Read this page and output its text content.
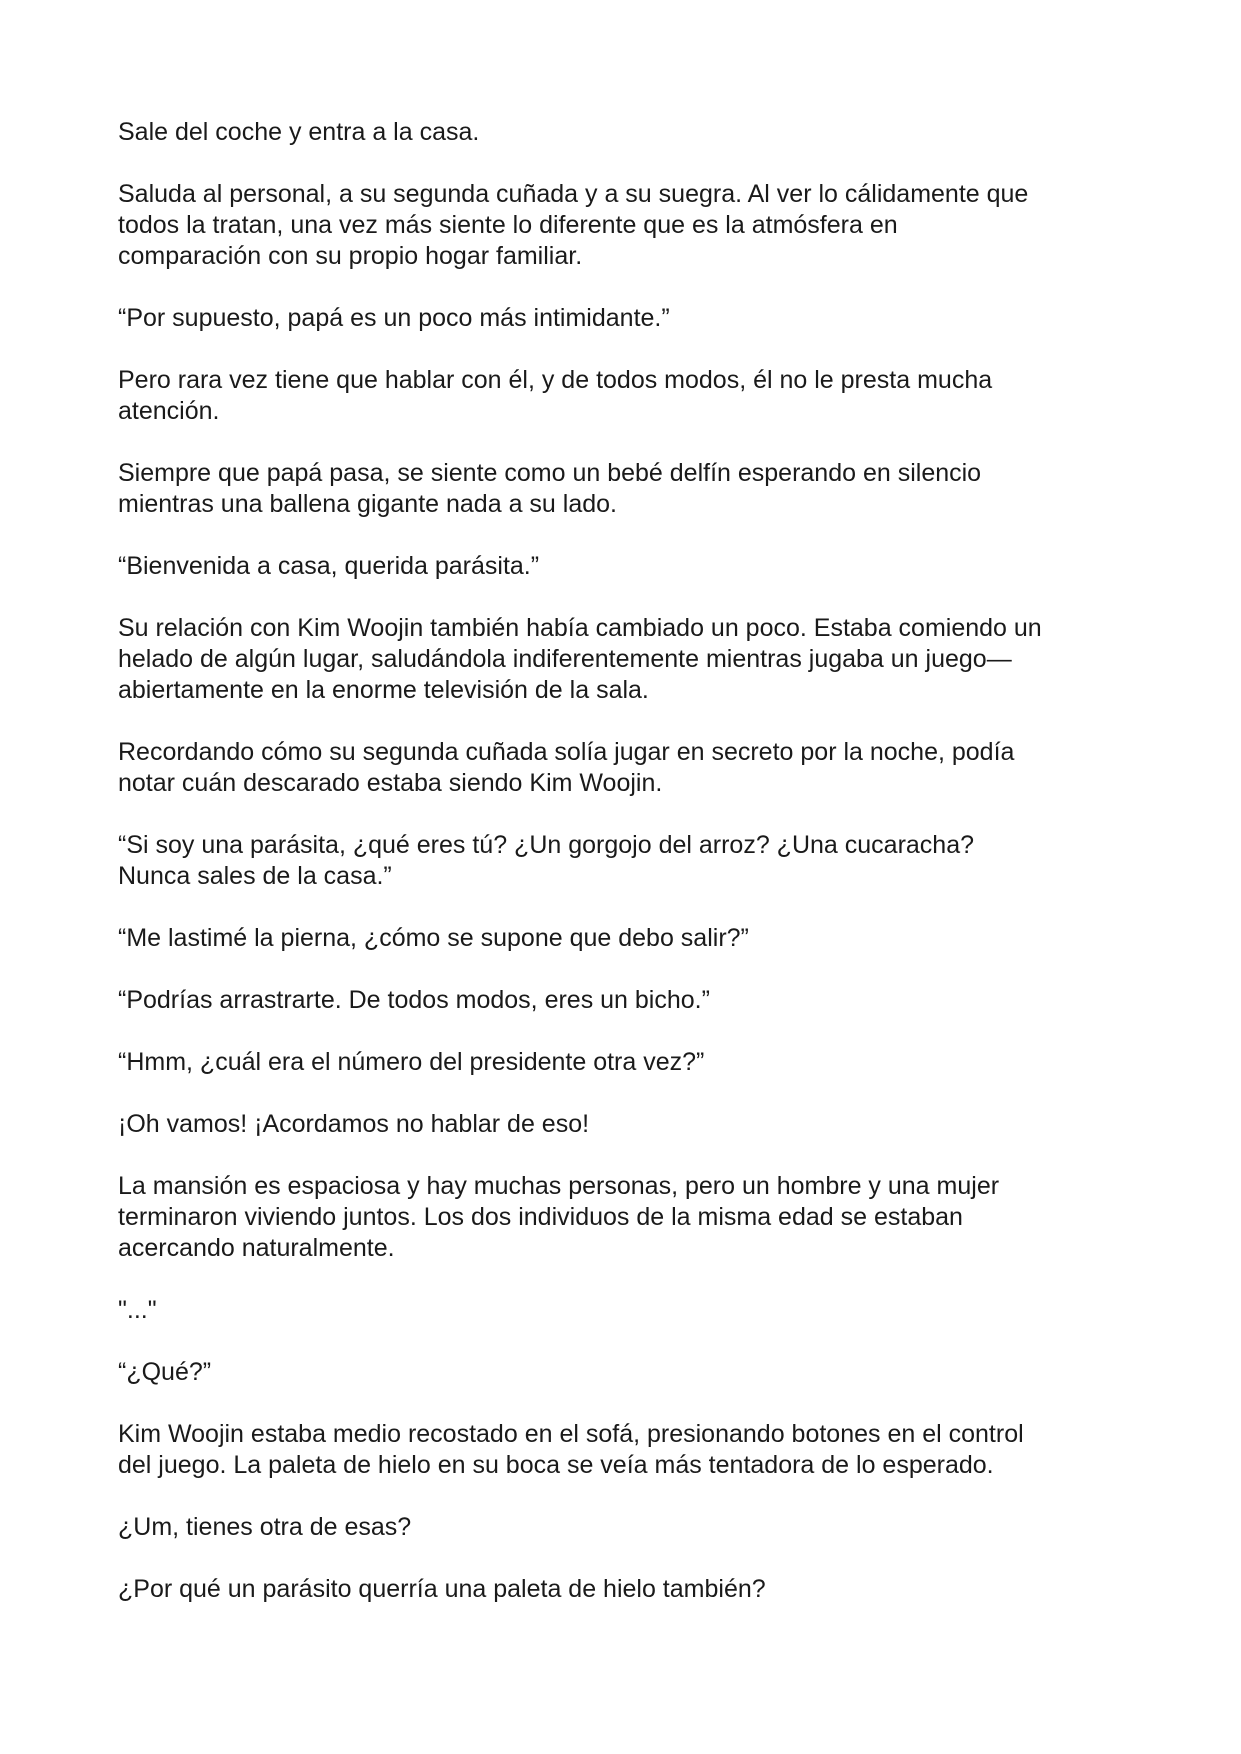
Sale del coche y entra a la casa.

Saluda al personal, a su segunda cuñada y a su suegra. Al ver lo cálidamente que
todos la tratan, una vez más siente lo diferente que es la atmósfera en
comparación con su propio hogar familiar.

“Por supuesto, papá es un poco más intimidante.”

Pero rara vez tiene que hablar con él, y de todos modos, él no le presta mucha
atención.

Siempre que papá pasa, se siente como un bebé delfín esperando en silencio
mientras una ballena gigante nada a su lado.

“Bienvenida a casa, querida parásita.”

Su relación con Kim Woojin también había cambiado un poco. Estaba comiendo un
helado de algún lugar, saludándola indiferentemente mientras jugaba un juego—
abiertamente en la enorme televisión de la sala.

Recordando cómo su segunda cuñada solía jugar en secreto por la noche, podía
notar cuán descarado estaba siendo Kim Woojin.

“Si soy una parásita, ¿qué eres tú? ¿Un gorgojo del arroz? ¿Una cucaracha?
Nunca sales de la casa.”

“Me lastimé la pierna, ¿cómo se supone que debo salir?”

“Podrías arrastrarte. De todos modos, eres un bicho.”

“Hmm, ¿cuál era el número del presidente otra vez?”

¡Oh vamos! ¡Acordamos no hablar de eso!

La mansión es espaciosa y hay muchas personas, pero un hombre y una mujer
terminaron viviendo juntos. Los dos individuos de la misma edad se estaban
acercando naturalmente.

"..."

“¿Qué?”

Kim Woojin estaba medio recostado en el sofá, presionando botones en el control
del juego. La paleta de hielo en su boca se veía más tentadora de lo esperado.

¿Um, tienes otra de esas?

¿Por qué un parásito querría una paleta de hielo también?
